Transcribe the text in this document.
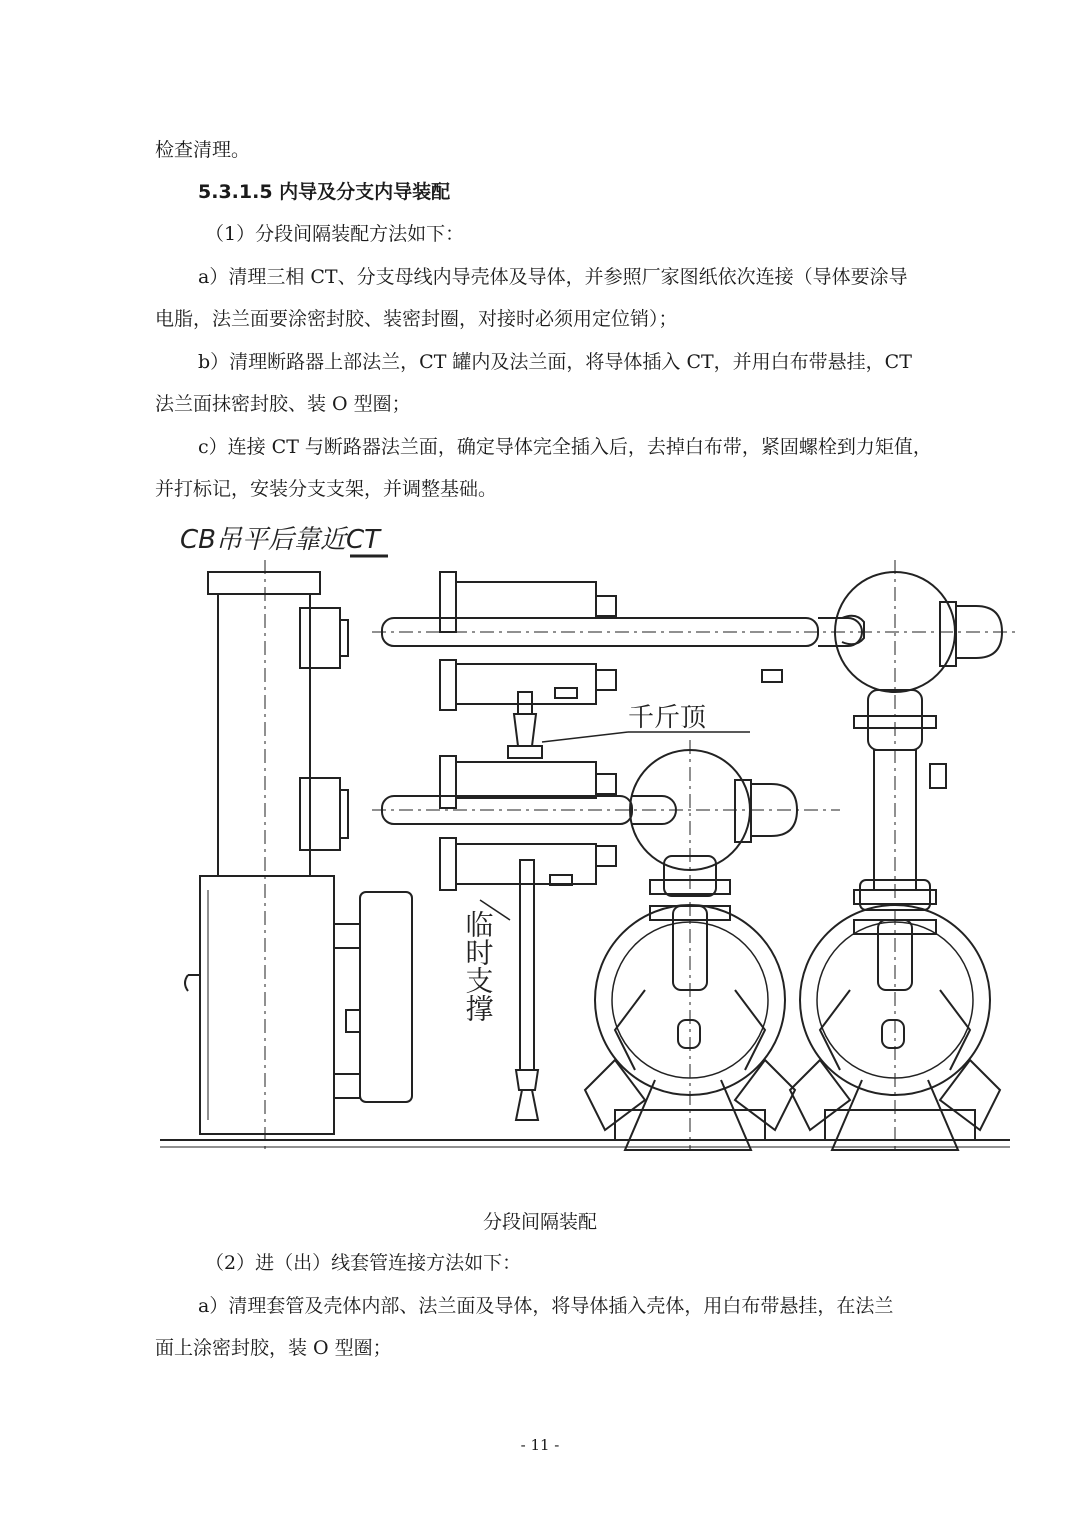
检查清理。
5.3.1.5 内导及分支内导装配
（1）分段间隔装配方法如下：
a）清理三相 CT、分支母线内导壳体及导体，并参照厂家图纸依次连接（导体要涂导
电脂，法兰面要涂密封胶、装密封圈，对接时必须用定位销）；
b）清理断路器上部法兰，CT 罐内及法兰面，将导体插入 CT，并用白布带悬挂，CT
法兰面抹密封胶、装 O 型圈；
c）连接 CT 与断路器法兰面，确定导体完全插入后，去掉白布带，紧固螺栓到力矩值，
并打标记，安装分支支架，并调整基础。
CB吊平后靠近CT
千斤顶
临时支撑
分段间隔装配
（2）进（出）线套管连接方法如下：
a）清理套管及壳体内部、法兰面及导体，将导体插入壳体，用白布带悬挂，在法兰
面上涂密封胶，装 O 型圈；
- 11 -
